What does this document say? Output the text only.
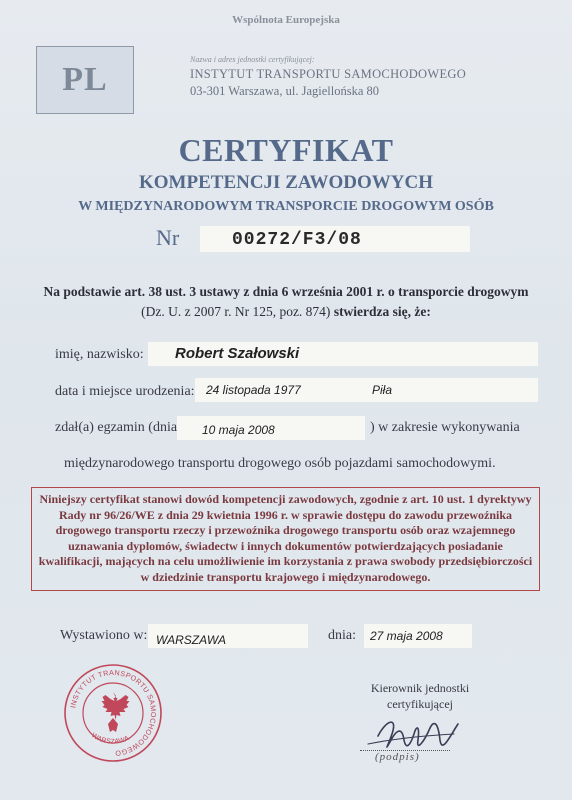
Wspólnota Europejska
PL
Nazwa i adres jednostki certyfikującej:
INSTYTUT TRANSPORTU SAMOCHODOWEGO
03-301 Warszawa, ul. Jagiellońska 80
CERTYFIKAT
KOMPETENCJI ZAWODOWYCH
W MIĘDZYNARODOWYM TRANSPORCIE DROGOWYM OSÓB
Nr	00272/F3/08
Na podstawie art. 38 ust. 3 ustawy z dnia 6 września 2001 r. o transporcie drogowym (Dz. U. z 2007 r. Nr 125, poz. 874) stwierdza się, że:
imię, nazwisko: Robert Szałowski
data i miejsce urodzenia: 24 listopada 1977	Piła
zdał(a) egzamin (dnia 10 maja 2008	) w zakresie wykonywania
międzynarodowego transportu drogowego osób pojazdami samochodowymi.
Niniejszy certyfikat stanowi dowód kompetencji zawodowych, zgodnie z art. 10 ust. 1 dyrektywy Rady nr 96/26/WE z dnia 29 kwietnia 1996 r. w sprawie dostępu do zawodu przewoźnika drogowego transportu rzeczy i przewoźnika drogowego transportu osób oraz wzajemnego uznawania dyplomów, świadectw i innych dokumentów potwierdzających posiadanie kwalifikacji, mających na celu umożliwienie im korzystania z prawa swobody przedsiębiorczości w dziedzinie transportu krajowego i międzynarodowego.
Wystawiono w: WARSZAWA	dnia: 27 maja 2008
INSTYTUT TRANSPORTU SAMOCHODOWEGO
WARSZAWA
Kierownik jednostki
certyfikującej
(podpis)
